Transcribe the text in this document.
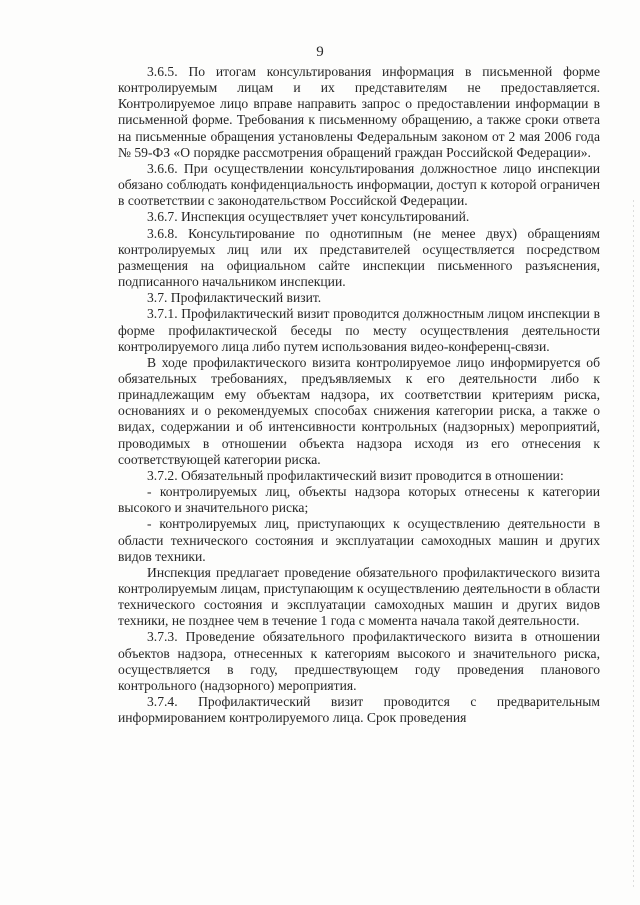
9

3.6.5. По итогам консультирования информация в письменной форме контролируемым лицам и их представителям не предоставляется. Контролируемое лицо вправе направить запрос о предоставлении информации в письменной форме. Требования к письменному обращению, а также сроки ответа на письменные обращения установлены Федеральным законом от 2 мая 2006 года № 59-ФЗ «О порядке рассмотрения обращений граждан Российской Федерации».

3.6.6. При осуществлении консультирования должностное лицо инспекции обязано соблюдать конфиденциальность информации, доступ к которой ограничен в соответствии с законодательством Российской Федерации.

3.6.7. Инспекция осуществляет учет консультирований.

3.6.8. Консультирование по однотипным (не менее двух) обращениям контролируемых лиц или их представителей осуществляется посредством размещения на официальном сайте инспекции письменного разъяснения, подписанного начальником инспекции.

3.7. Профилактический визит.

3.7.1. Профилактический визит проводится должностным лицом инспекции в форме профилактической беседы по месту осуществления деятельности контролируемого лица либо путем использования видео-конференц-связи.

В ходе профилактического визита контролируемое лицо информируется об обязательных требованиях, предъявляемых к его деятельности либо к принадлежащим ему объектам надзора, их соответствии критериям риска, основаниях и о рекомендуемых способах снижения категории риска, а также о видах, содержании и об интенсивности контрольных (надзорных) мероприятий, проводимых в отношении объекта надзора исходя из его отнесения к соответствующей категории риска.

3.7.2. Обязательный профилактический визит проводится в отношении:

- контролируемых лиц, объекты надзора которых отнесены к категории высокого и значительного риска;

- контролируемых лиц, приступающих к осуществлению деятельности в области технического состояния и эксплуатации самоходных машин и других видов техники.

Инспекция предлагает проведение обязательного профилактического визита контролируемым лицам, приступающим к осуществлению деятельности в области технического состояния и эксплуатации самоходных машин и других видов техники, не позднее чем в течение 1 года с момента начала такой деятельности.

3.7.3. Проведение обязательного профилактического визита в отношении объектов надзора, отнесенных к категориям высокого и значительного риска, осуществляется в году, предшествующем году проведения планового контрольного (надзорного) мероприятия.

3.7.4. Профилактический визит проводится с предварительным информированием контролируемого лица. Срок проведения
